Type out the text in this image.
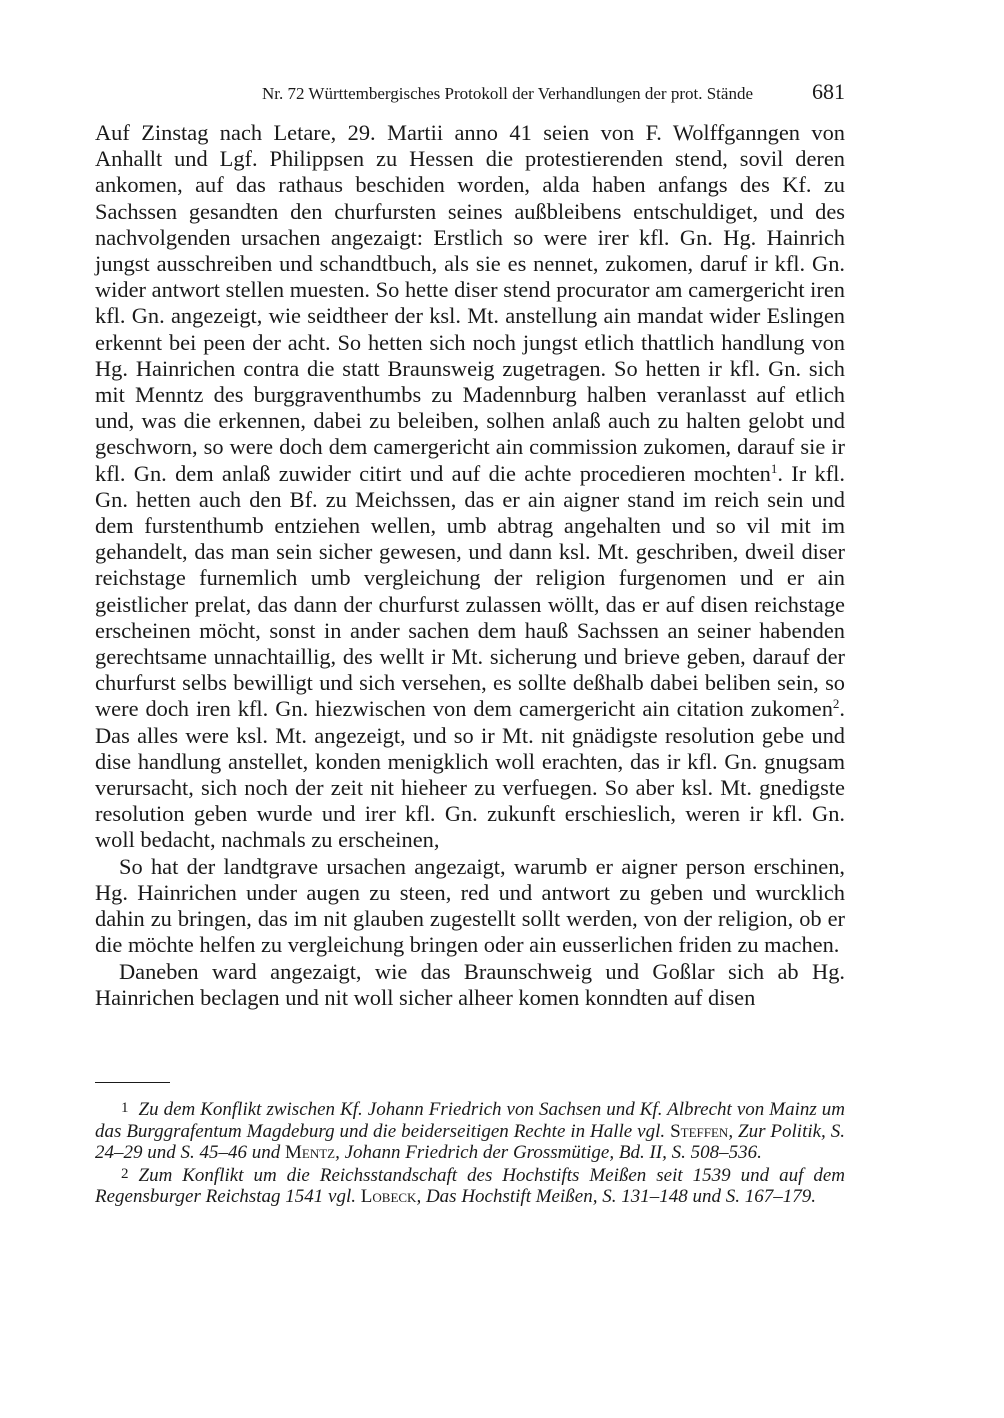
Nr. 72 Württembergisches Protokoll der Verhandlungen der prot. Stände	681

Auf Zinstag nach Letare, 29. Martii anno 41 seien von F. Wolffganngen von Anhallt und Lgf. Philippsen zu Hessen die protestierenden stend, sovil deren ankomen, auf das rathaus beschiden worden, alda haben anfangs des Kf. zu Sachssen gesandten den churfursten seines außbleibens entschuldiget, und des nachvolgenden ursachen angezaigt: Erstlich so were irer kfl. Gn. Hg. Hainrich jungst ausschreiben und schandtbuch, als sie es nennet, zukomen, daruf ir kfl. Gn. wider antwort stellen muesten. So hette diser stend procurator am camergericht iren kfl. Gn. angezeigt, wie seidtheer der ksl. Mt. anstellung ain mandat wider Eslingen erkennt bei peen der acht. So hetten sich noch jungst etlich thattlich handlung von Hg. Hainrichen contra die statt Braunsweig zugetragen. So hetten ir kfl. Gn. sich mit Menntz des burggraventhumbs zu Madennburg halben veranlasst auf etlich und, was die erkennen, dabei zu beleiben, solhen anlaß auch zu halten gelobt und geschworn, so were doch dem camergericht ain commission zukomen, darauf sie ir kfl. Gn. dem anlaß zuwider citirt und auf die achte procedieren mochten$^1$. Ir kfl. Gn. hetten auch den Bf. zu Meichssen, das er ain aigner stand im reich sein und dem furstenthumb entziehen wellen, umb abtrag angehalten und so vil mit im gehandelt, das man sein sicher gewesen, und dann ksl. Mt. geschriben, dweil diser reichstage furnemlich umb vergleichung der religion furgenomen und er ain geistlicher prelat, das dann der churfurst zulassen wöllt, das er auf disen reichstage erscheinen möcht, sonst in ander sachen dem hauß Sachssen an seiner habenden gerechtsame unnachtaillig, des wellt ir Mt. sicherung und brieve geben, darauf der churfurst selbs bewilligt und sich versehen, es sollte deßhalb dabei beliben sein, so were doch iren kfl. Gn. hiezwischen von dem camergericht ain citation zukomen$^2$. Das alles were ksl. Mt. angezeigt, und so ir Mt. nit gnädigste resolution gebe und dise handlung anstellet, konden menigklich woll erachten, das ir kfl. Gn. gnugsam verursacht, sich noch der zeit nit hieheer zu verfuegen. So aber ksl. Mt. gnedigste resolution geben wurde und irer kfl. Gn. zukunft erschieslich, weren ir kfl. Gn. woll bedacht, nachmals zu erscheinen,

So hat der landtgrave ursachen angezaigt, warumb er aigner person erschinen, Hg. Hainrichen under augen zu steen, red und antwort zu geben und wurcklich dahin zu bringen, das im nit glauben zugestellt sollt werden, von der religion, ob er die möchte helfen zu vergleichung bringen oder ain eusserlichen friden zu machen.

Daneben ward angezaigt, wie das Braunschweig und Goßlar sich ab Hg. Hainrichen beclagen und nit woll sicher alheer komen konndten auf disen

1 Zu dem Konflikt zwischen Kf. Johann Friedrich von Sachsen und Kf. Albrecht von Mainz um das Burggrafentum Magdeburg und die beiderseitigen Rechte in Halle vgl. Steffen, Zur Politik, S. 24–29 und S. 45–46 und Mentz, Johann Friedrich der Grossmütige, Bd. II, S. 508–536.

2 Zum Konflikt um die Reichsstandschaft des Hochstifts Meißen seit 1539 und auf dem Regensburger Reichstag 1541 vgl. Lobeck, Das Hochstift Meißen, S. 131–148 und S. 167–179.
